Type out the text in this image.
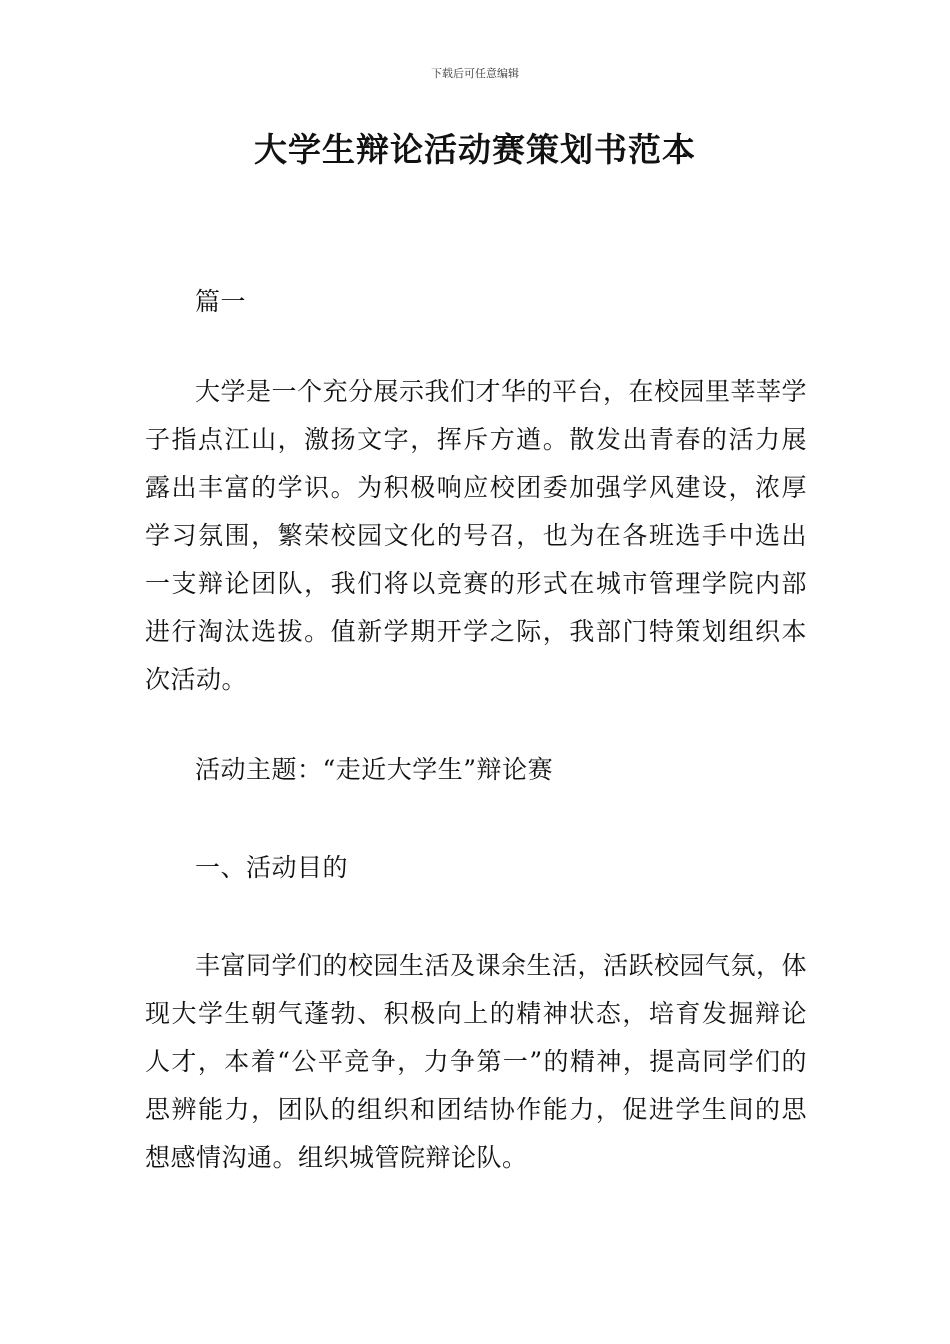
下载后可任意编辑
大学生辩论活动赛策划书范本

篇一

大学是一个充分展示我们才华的平台，在校园里莘莘学子指点江山，激扬文字，挥斥方遒。散发出青春的活力展露出丰富的学识。为积极响应校团委加强学风建设，浓厚学习氛围，繁荣校园文化的号召，也为在各班选手中选出一支辩论团队，我们将以竞赛的形式在城市管理学院内部进行淘汰选拔。值新学期开学之际，我部门特策划组织本次活动。

活动主题：“走近大学生”辩论赛

一、活动目的

丰富同学们的校园生活及课余生活，活跃校园气氛，体现大学生朝气蓬勃、积极向上的精神状态，培育发掘辩论人才，本着“公平竞争，力争第一”的精神，提高同学们的思辨能力，团队的组织和团结协作能力，促进学生间的思想感情沟通。组织城管院辩论队。
